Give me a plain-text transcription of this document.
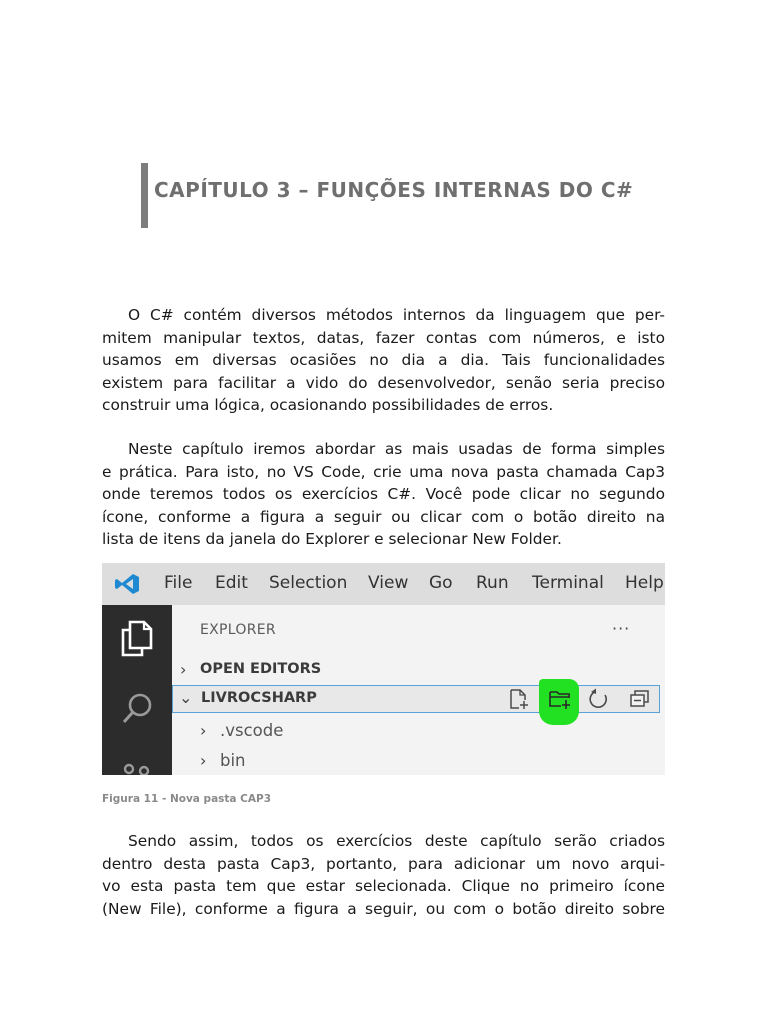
CAPÍTULO 3 – FUNÇÕES INTERNAS DO C#
O C# contém diversos métodos internos da linguagem que per-
mitem manipular textos, datas, fazer contas com números, e isto
usamos em diversas ocasiões no dia a dia. Tais funcionalidades
existem para facilitar a vido do desenvolvedor, senão seria preciso
construir uma lógica, ocasionando possibilidades de erros.
Neste capítulo iremos abordar as mais usadas de forma simples
e prática. Para isto, no VS Code, crie uma nova pasta chamada Cap3
onde teremos todos os exercícios C#. Você pode clicar no segundo
ícone, conforme a figura a seguir ou clicar com o botão direito na
lista de itens da janela do Explorer e selecionar New Folder.
File Edit Selection View Go Run Terminal Help
EXPLORER	···
› OPEN EDITORS
⌄ LIVROCSHARP
› .vscode
› bin
Figura 11 - Nova pasta CAP3
Sendo assim, todos os exercícios deste capítulo serão criados
dentro desta pasta Cap3, portanto, para adicionar um novo arqui-
vo esta pasta tem que estar selecionada. Clique no primeiro ícone
(New File), conforme a figura a seguir, ou com o botão direito sobre
